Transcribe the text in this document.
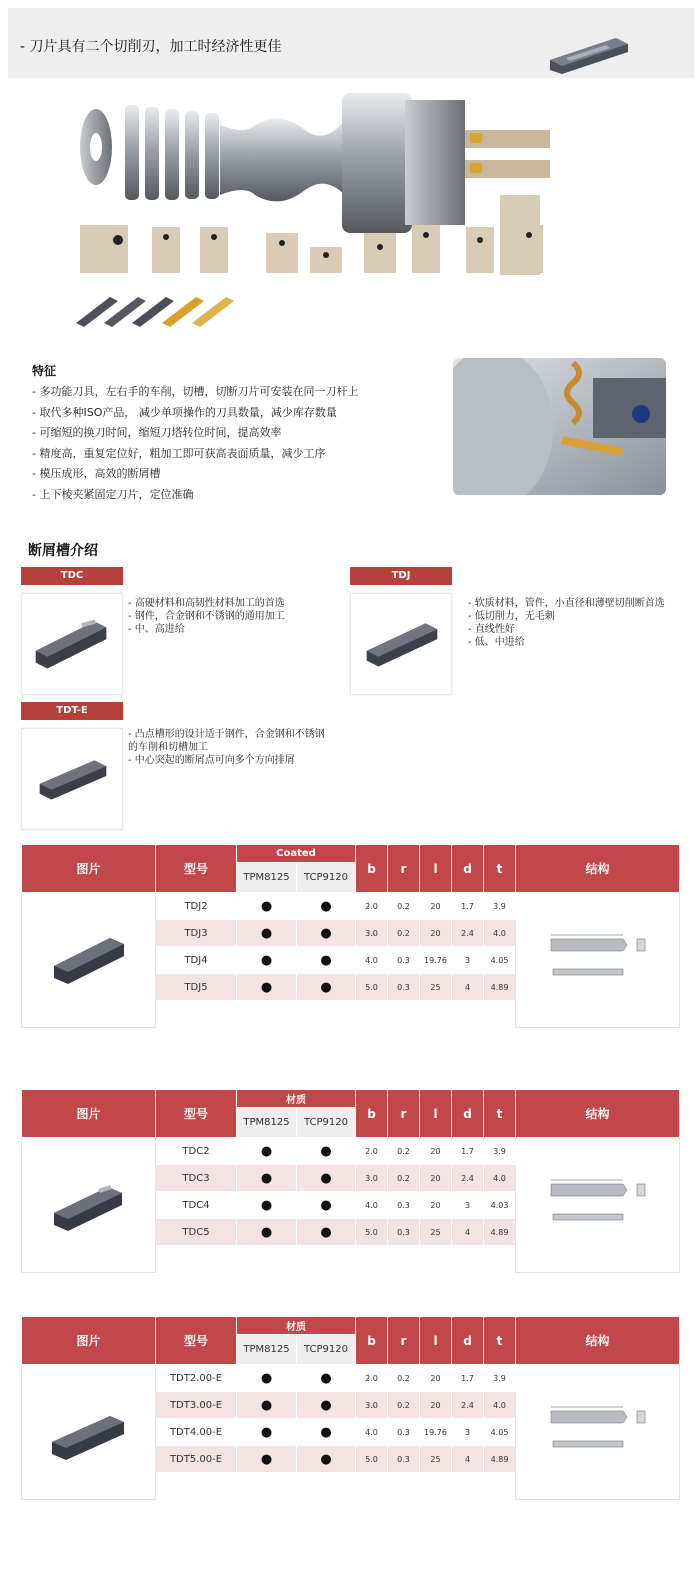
- 刀片具有二个切削刃，加工时经济性更佳
特征
- 多功能刀具，左右手的车削，切槽，切断刀片可安装在同一刀杆上
- 取代多种ISO产品， 减少单项操作的刀具数量，减少库存数量
- 可缩短的换刀时间，缩短刀塔转位时间，提高效率
- 精度高，重复定位好，粗加工即可获高表面质量，减少工序
- 模压成形，高效的断屑槽
- 上下棱夹紧固定刀片，定位准确
断屑槽介绍
TDC
- 高硬材料和高韧性材料加工的首选
- 钢件，合金钢和不锈钢的通用加工
- 中、高进给
TDJ
- 软质材料，管件，小直径和薄壁切削断首选
- 低切削力，无毛刺
- 直线性好
- 低、中进给
TDT-E
- 凸点槽形的设计适于钢件，合金钢和不锈钢
的车削和切槽加工
- 中心突起的断屑点可向多个方向排屑
图片	型号	Coated		b	r	l	d	t	结构
		TPM8125	TCP9120						
	TDJ2	●	●	2.0	0.2	20	1.7	3.9	
	TDJ3	●	●	3.0	0.2	20	2.4	4.0	
	TDJ4	●	●	4.0	0.3	19.76	3	4.05	
	TDJ5	●	●	5.0	0.3	25	4	4.89	

图片	型号	材质		b	r	l	d	t	结构
		TPM8125	TCP9120						
	TDC2	●	●	2.0	0.2	20	1.7	3.9	
	TDC3	●	●	3.0	0.2	20	2.4	4.0	
	TDC4	●	●	4.0	0.3	20	3	4.03	
	TDC5	●	●	5.0	0.3	25	4	4.89	

图片	型号	材质		b	r	l	d	t	结构
		TPM8125	TCP9120						
	TDT2.00-E	●	●	2.0	0.2	20	1.7	3.9	
	TDT3.00-E	●	●	3.0	0.2	20	2.4	4.0	
	TDT4.00-E	●	●	4.0	0.3	19.76	3	4.05	
	TDT5.00-E	●	●	5.0	0.3	25	4	4.89	
